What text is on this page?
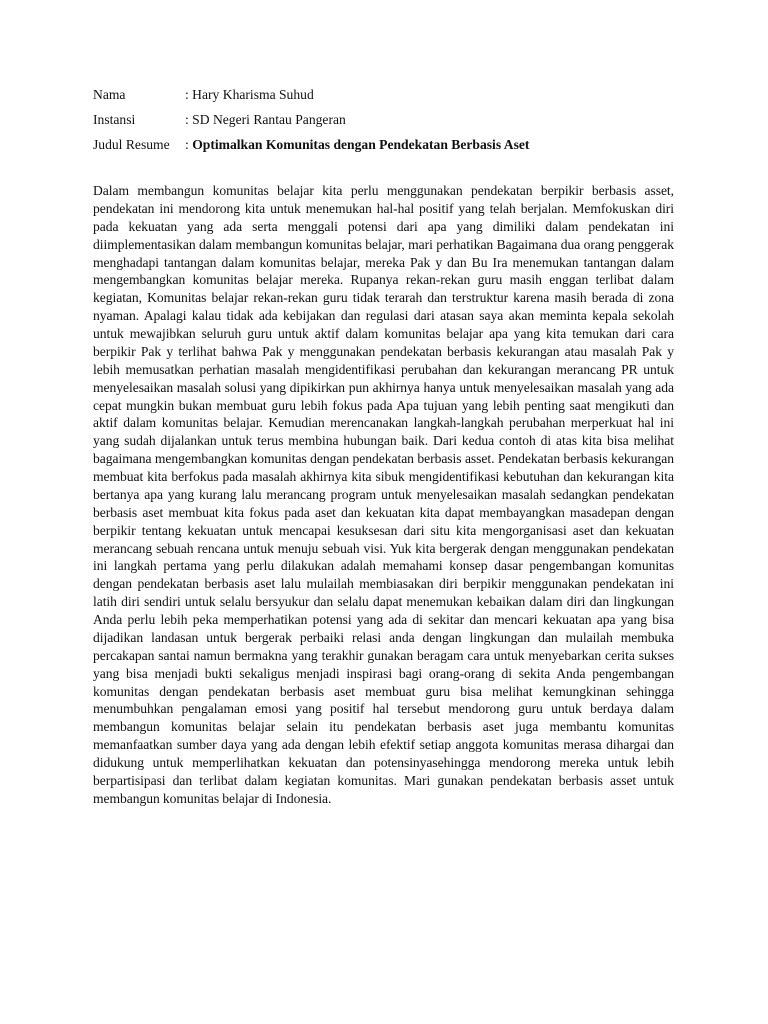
Nama	: Hary Kharisma Suhud
Instansi	: SD Negeri Rantau Pangeran
Judul Resume	: Optimalkan Komunitas dengan Pendekatan Berbasis Aset

Dalam membangun komunitas belajar kita perlu menggunakan pendekatan berpikir berbasis asset, pendekatan ini mendorong kita untuk menemukan hal-hal positif yang telah berjalan. Memfokuskan diri pada kekuatan yang ada serta menggali potensi dari apa yang dimiliki dalam pendekatan ini diimplementasikan dalam membangun komunitas belajar, mari perhatikan Bagaimana dua orang penggerak menghadapi tantangan dalam komunitas belajar, mereka Pak y dan Bu Ira menemukan tantangan dalam mengembangkan komunitas belajar mereka. Rupanya rekan-rekan guru masih enggan terlibat dalam kegiatan, Komunitas belajar rekan-rekan guru tidak terarah dan terstruktur karena masih berada di zona nyaman. Apalagi kalau tidak ada kebijakan dan regulasi dari atasan saya akan meminta kepala sekolah untuk mewajibkan seluruh guru untuk aktif dalam komunitas belajar apa yang kita temukan dari cara berpikir Pak y terlihat bahwa Pak y menggunakan pendekatan berbasis kekurangan atau masalah Pak y lebih memusatkan perhatian masalah mengidentifikasi perubahan dan kekurangan merancang PR untuk menyelesaikan masalah solusi yang dipikirkan pun akhirnya hanya untuk menyelesaikan masalah yang ada cepat mungkin bukan membuat guru lebih fokus pada Apa tujuan yang lebih penting saat mengikuti dan aktif dalam komunitas belajar. Kemudian merencanakan langkah-langkah perubahan merperkuat hal ini yang sudah dijalankan untuk terus membina hubungan baik. Dari kedua contoh di atas kita bisa melihat bagaimana mengembangkan komunitas dengan pendekatan berbasis asset. Pendekatan berbasis kekurangan membuat kita berfokus pada masalah akhirnya kita sibuk mengidentifikasi kebutuhan dan kekurangan kita bertanya apa yang kurang lalu merancang program untuk menyelesaikan masalah sedangkan pendekatan berbasis aset membuat kita fokus pada aset dan kekuatan kita dapat membayangkan masadepan dengan berpikir tentang kekuatan untuk mencapai kesuksesan dari situ kita mengorganisasi aset dan kekuatan merancang sebuah rencana untuk menuju sebuah visi. Yuk kita bergerak dengan menggunakan pendekatan ini langkah pertama yang perlu dilakukan adalah memahami konsep dasar pengembangan komunitas dengan pendekatan berbasis aset lalu mulailah membiasakan diri berpikir menggunakan pendekatan ini latih diri sendiri untuk selalu bersyukur dan selalu dapat menemukan kebaikan dalam diri dan lingkungan Anda perlu lebih peka memperhatikan potensi yang ada di sekitar dan mencari kekuatan apa yang bisa dijadikan landasan untuk bergerak perbaiki relasi anda dengan lingkungan dan mulailah membuka percakapan santai namun bermakna yang terakhir gunakan beragam cara untuk menyebarkan cerita sukses yang bisa menjadi bukti sekaligus menjadi inspirasi bagi orang-orang di sekita Anda pengembangan komunitas dengan pendekatan berbasis aset membuat guru bisa melihat kemungkinan sehingga menumbuhkan pengalaman emosi yang positif hal tersebut mendorong guru untuk berdaya dalam membangun komunitas belajar selain itu pendekatan berbasis aset juga membantu komunitas memanfaatkan sumber daya yang ada dengan lebih efektif setiap anggota komunitas merasa dihargai dan didukung untuk memperlihatkan kekuatan dan potensinyasehingga mendorong mereka untuk lebih berpartisipasi dan terlibat dalam kegiatan komunitas. Mari gunakan pendekatan berbasis asset untuk membangun komunitas belajar di Indonesia.
